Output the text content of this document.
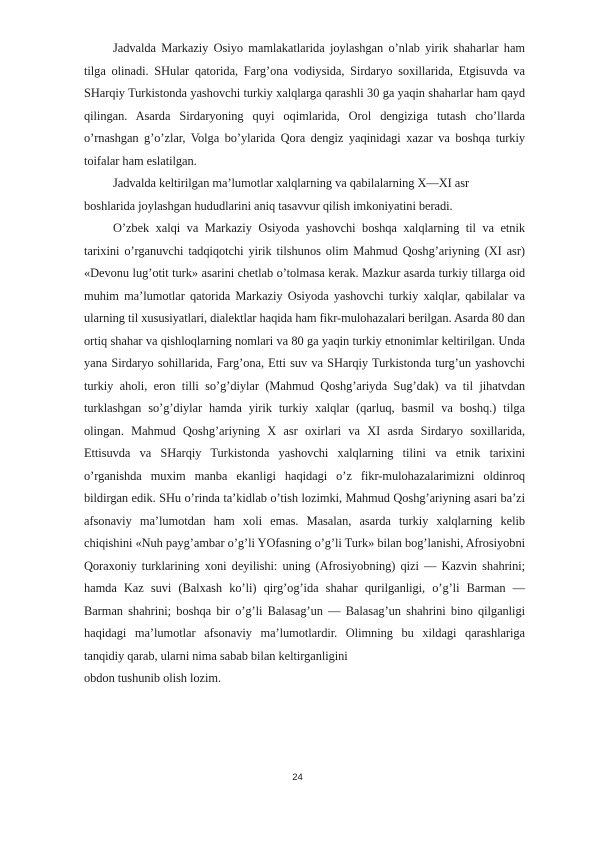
Jadvalda Markaziy Osiyo mamlakatlarida joylashgan o’nlab yirik shaharlar ham tilga olinadi. SHular qatorida, Farg’ona vodiysida, Sirdaryo soxillarida, Etgisuvda va SHarqiy Turkistonda yashovchi turkiy xalqlarga qarashli 30 ga yaqin shaharlar ham qayd qilingan. Asarda Sirdaryoning quyi oqimlarida, Orol dengiziga tutash cho’llarda o’rnashgan g’o’zlar, Volga bo’ylarida Qora dengiz yaqinidagi xazar va boshqa turkiy toifalar ham eslatilgan.

Jadvalda keltirilgan ma’lumotlar xalqlarning va qabilalarning X—XI asr

boshlarida joylashgan hududlarini aniq tasavvur qilish imkoniyatini beradi.

O’zbek xalqi va Markaziy Osiyoda yashovchi boshqa xalqlarning til va etnik tarixini o’rganuvchi tadqiqotchi yirik tilshunos olim Mahmud Qoshg’ariyning (XI asr) «Devonu lug’otit turk» asarini chetlab o’tolmasa kerak. Mazkur asarda turkiy tillarga oid muhim ma’lumotlar qatorida Markaziy Osiyoda yashovchi turkiy xalqlar, qabilalar va ularning til xususiyatlari, dialektlar haqida ham fikr-mulohazalari berilgan. Asarda 80 dan ortiq shahar va qishloqlarning nomlari va 80 ga yaqin turkiy etnonimlar keltirilgan. Unda yana Sirdaryo sohillarida, Farg’ona, Etti suv va SHarqiy Turkistonda turg’un yashovchi turkiy aholi, eron tilli so’g’diylar (Mahmud Qoshg’ariyda Sug’dak) va til jihatvdan turklashgan so’g’diylar hamda yirik turkiy xalqlar (qarluq, basmil va boshq.) tilga olingan. Mahmud Qoshg’ariyning X asr oxirlari va XI asrda Sirdaryo soxillarida, Ettisuvda va SHarqiy Turkistonda yashovchi xalqlarning tilini va etnik tarixini o’rganishda muxim manba ekanligi haqidagi o’z fikr-mulohazalarimizni oldinroq bildirgan edik. SHu o’rinda ta’kidlab o’tish lozimki, Mahmud Qoshg’ariyning asari ba’zi afsonaviy ma’lumotdan ham xoli emas. Masalan, asarda turkiy xalqlarning kelib chiqishini «Nuh payg’ambar o’g’li YOfasning o’g’li Turk» bilan bog’lanishi, Afrosiyobni Qoraxoniy turklarining xoni deyilishi: uning (Afrosiyobning) qizi — Kazvin shahrini; hamda Kaz suvi (Balxash ko’li) qirg’og’ida shahar qurilganligi, o’g’li Barman — Barman shahrini; boshqa bir o’g’li Balasag’un — Balasag’un shahrini bino qilganligi haqidagi ma’lumotlar afsonaviy ma’lumotlardir. Olimning bu xildagi qarashlariga tanqidiy qarab, ularni nima sabab bilan keltirganligini

obdon tushunib olish lozim.

24
